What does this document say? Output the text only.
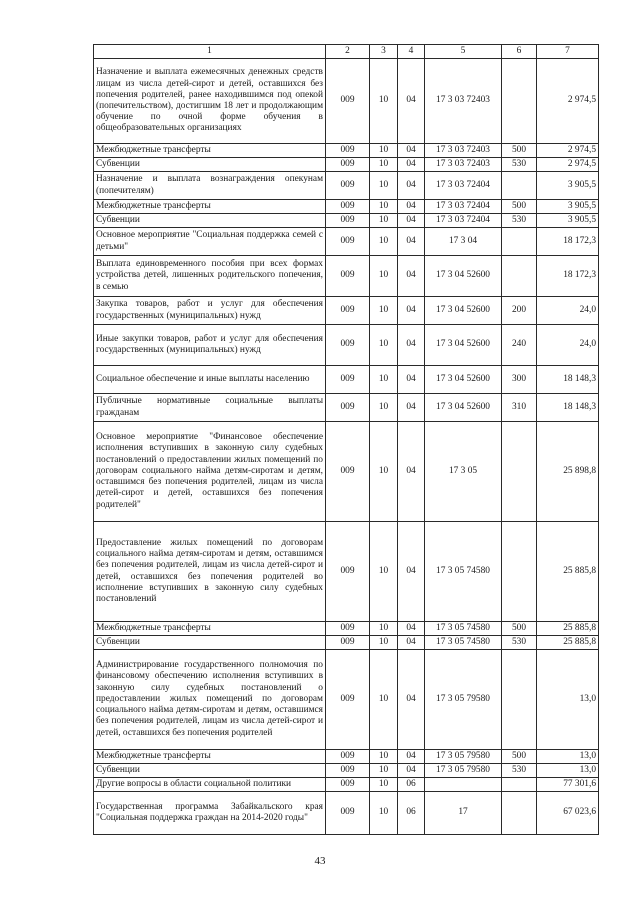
1	2	3	4	5	6	7
Назначение и выплата ежемесячных денежных средств лицам из числа детей-сирот и детей, оставшихся без попечения родителей, ранее находившимся под опекой (попечительством), достигшим 18 лет и продолжающим обучение по очной форме обучения в общеобразовательных организациях	009	10	04	17 3 03 72403		2 974,5
Межбюджетные трансферты	009	10	04	17 3 03 72403	500	2 974,5
Субвенции	009	10	04	17 3 03 72403	530	2 974,5
Назначение и выплата вознаграждения опекунам (попечителям)	009	10	04	17 3 03 72404		3 905,5
Межбюджетные трансферты	009	10	04	17 3 03 72404	500	3 905,5
Субвенции	009	10	04	17 3 03 72404	530	3 905,5
Основное мероприятие "Социальная поддержка семей с детьми"	009	10	04	17 3 04		18 172,3
Выплата единовременного пособия при всех формах устройства детей, лишенных родительского попечения, в семью	009	10	04	17 3 04 52600		18 172,3
Закупка товаров, работ и услуг для обеспечения государственных (муниципальных) нужд	009	10	04	17 3 04 52600	200	24,0
Иные закупки товаров, работ и услуг для обеспечения государственных (муниципальных) нужд	009	10	04	17 3 04 52600	240	24,0
Социальное обеспечение и иные выплаты населению	009	10	04	17 3 04 52600	300	18 148,3
Публичные нормативные социальные выплаты гражданам	009	10	04	17 3 04 52600	310	18 148,3
Основное мероприятие "Финансовое обеспечение исполнения вступивших в законную силу судебных постановлений о предоставлении жилых помещений по договорам социального найма детям-сиротам и детям, оставшимся без попечения родителей, лицам из числа детей-сирот и детей, оставшихся без попечения родителей"	009	10	04	17 3 05		25 898,8
Предоставление жилых помещений по договорам социального найма детям-сиротам и детям, оставшимся без попечения родителей, лицам из числа детей-сирот и детей, оставшихся без попечения родителей во исполнение вступивших в законную силу судебных постановлений	009	10	04	17 3 05 74580		25 885,8
Межбюджетные трансферты	009	10	04	17 3 05 74580	500	25 885,8
Субвенции	009	10	04	17 3 05 74580	530	25 885,8
Администрирование государственного полномочия по финансовому обеспечению исполнения вступивших в законную силу судебных постановлений о предоставлении жилых помещений по договорам социального найма детям-сиротам и детям, оставшимся без попечения родителей, лицам из числа детей-сирот и детей, оставшихся без попечения родителей	009	10	04	17 3 05 79580		13,0
Межбюджетные трансферты	009	10	04	17 3 05 79580	500	13,0
Субвенции	009	10	04	17 3 05 79580	530	13,0
Другие вопросы в области социальной политики	009	10	06			77 301,6
Государственная программа Забайкальского края "Социальная поддержка граждан на 2014-2020 годы"	009	10	06	17		67 023,6
43
